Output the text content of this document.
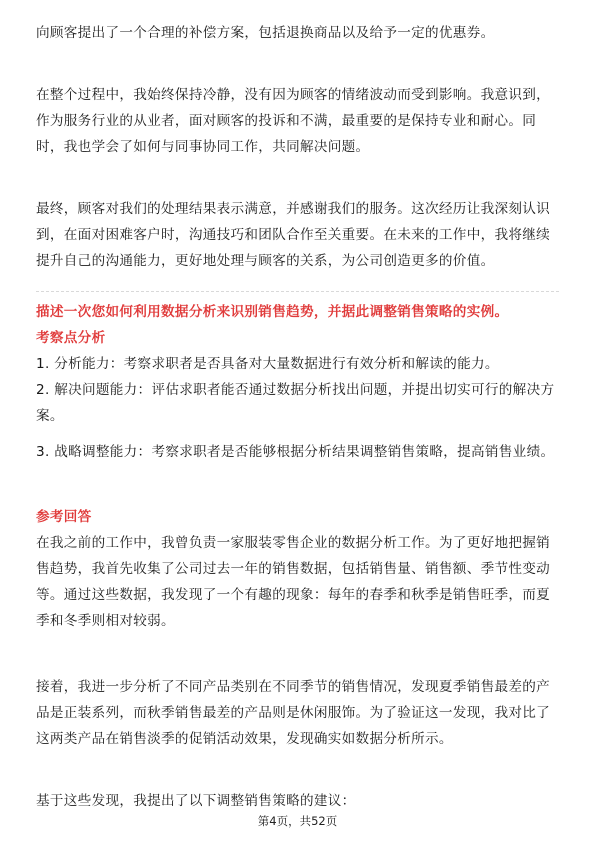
向顾客提出了一个合理的补偿方案，包括退换商品以及给予一定的优惠券。
在整个过程中，我始终保持冷静，没有因为顾客的情绪波动而受到影响。我意识到，作为服务行业的从业者，面对顾客的投诉和不满，最重要的是保持专业和耐心。同时，我也学会了如何与同事协同工作，共同解决问题。
最终，顾客对我们的处理结果表示满意，并感谢我们的服务。这次经历让我深刻认识到，在面对困难客户时，沟通技巧和团队合作至关重要。在未来的工作中，我将继续提升自己的沟通能力，更好地处理与顾客的关系，为公司创造更多的价值。
描述一次您如何利用数据分析来识别销售趋势，并据此调整销售策略的实例。
考察点分析
1. 分析能力：考察求职者是否具备对大量数据进行有效分析和解读的能力。
2. 解决问题能力：评估求职者能否通过数据分析找出问题，并提出切实可行的解决方案。
3. 战略调整能力：考察求职者是否能够根据分析结果调整销售策略，提高销售业绩。
参考回答
在我之前的工作中，我曾负责一家服装零售企业的数据分析工作。为了更好地把握销售趋势，我首先收集了公司过去一年的销售数据，包括销售量、销售额、季节性变动等。通过这些数据，我发现了一个有趣的现象：每年的春季和秋季是销售旺季，而夏季和冬季则相对较弱。
接着，我进一步分析了不同产品类别在不同季节的销售情况，发现夏季销售最差的产品是正装系列，而秋季销售最差的产品则是休闲服饰。为了验证这一发现，我对比了这两类产品在销售淡季的促销活动效果，发现确实如数据分析所示。
基于这些发现，我提出了以下调整销售策略的建议：
第4页，共52页
